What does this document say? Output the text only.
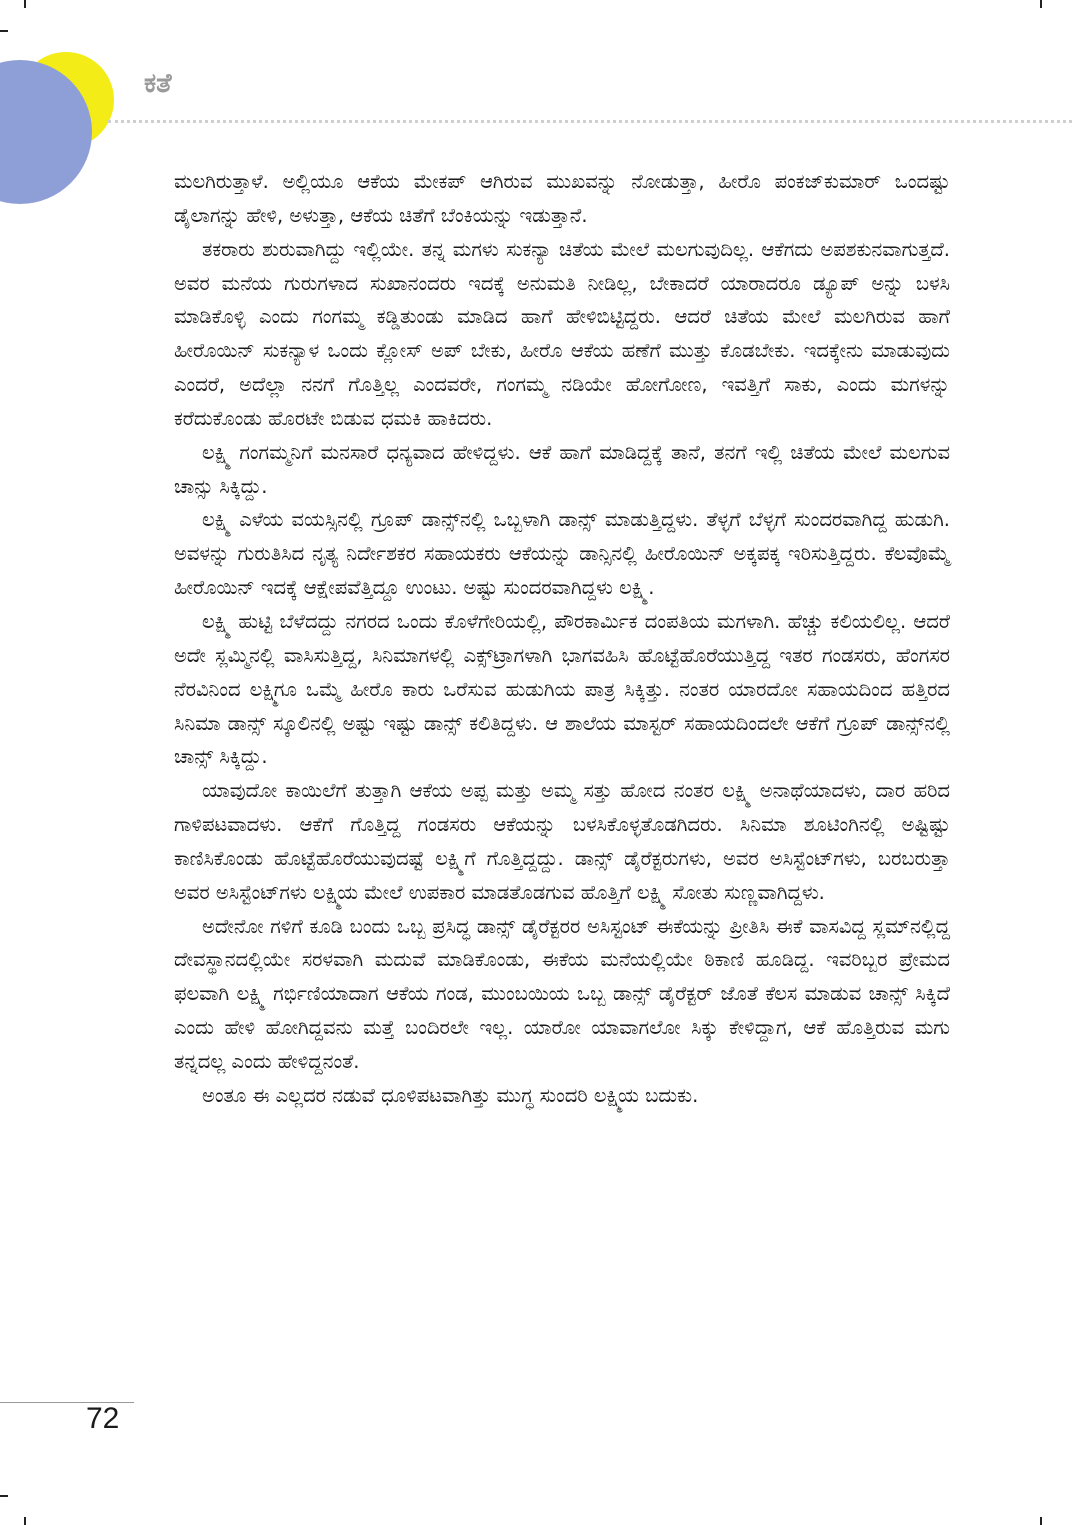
ಕತೆ

ಮಲಗಿರುತ್ತಾಳೆ. ಅಲ್ಲಿಯೂ ಆಕೆಯ ಮೇಕಪ್ ಆಗಿರುವ ಮುಖವನ್ನು ನೋಡುತ್ತಾ, ಹೀರೊ ಪಂಕಜ್‌ಕುಮಾರ್ ಒಂದಷ್ಟು ಡೈಲಾಗನ್ನು ಹೇಳಿ, ಅಳುತ್ತಾ, ಆಕೆಯ ಚಿತೆಗೆ ಬೆಂಕಿಯನ್ನು ಇಡುತ್ತಾನೆ.

ತಕರಾರು ಶುರುವಾಗಿದ್ದು ಇಲ್ಲಿಯೇ. ತನ್ನ ಮಗಳು ಸುಕನ್ಯಾ ಚಿತೆಯ ಮೇಲೆ ಮಲಗುವುದಿಲ್ಲ. ಆಕೆಗದು ಅಪಶಕುನವಾಗುತ್ತದೆ. ಅವರ ಮನೆಯ ಗುರುಗಳಾದ ಸುಖಾನಂದರು ಇದಕ್ಕೆ ಅನುಮತಿ ನೀಡಿಲ್ಲ, ಬೇಕಾದರೆ ಯಾರಾದರೂ ಡ್ಯೂಪ್ ಅನ್ನು ಬಳಸಿ ಮಾಡಿಕೊಳ್ಳಿ ಎಂದು ಗಂಗಮ್ಮ ಕಡ್ಡಿತುಂಡು ಮಾಡಿದ ಹಾಗೆ ಹೇಳಿಬಿಟ್ಟಿದ್ದರು. ಆದರೆ ಚಿತೆಯ ಮೇಲೆ ಮಲಗಿರುವ ಹಾಗೆ ಹೀರೊಯಿನ್ ಸುಕನ್ಯಾಳ ಒಂದು ಕ್ಲೋಸ್ ಅಪ್ ಬೇಕು, ಹೀರೊ ಆಕೆಯ ಹಣೆಗೆ ಮುತ್ತು ಕೊಡಬೇಕು. ಇದಕ್ಕೇನು ಮಾಡುವುದು ಎಂದರೆ, ಅದೆಲ್ಲಾ ನನಗೆ ಗೊತ್ತಿಲ್ಲ ಎಂದವರೇ, ಗಂಗಮ್ಮ ನಡಿಯೇ ಹೋಗೋಣ, ಇವತ್ತಿಗೆ ಸಾಕು, ಎಂದು ಮಗಳನ್ನು ಕರೆದುಕೊಂಡು ಹೊರಟೇ ಬಿಡುವ ಧಮಕಿ ಹಾಕಿದರು.

ಲಕ್ಷ್ಮಿ ಗಂಗಮ್ಮನಿಗೆ ಮನಸಾರೆ ಧನ್ಯವಾದ ಹೇಳಿದ್ದಳು. ಆಕೆ ಹಾಗೆ ಮಾಡಿದ್ದಕ್ಕೆ ತಾನೆ, ತನಗೆ ಇಲ್ಲಿ ಚಿತೆಯ ಮೇಲೆ ಮಲಗುವ ಚಾನ್ಸು ಸಿಕ್ಕಿದ್ದು.

ಲಕ್ಷ್ಮಿ ಎಳೆಯ ವಯಸ್ಸಿನಲ್ಲಿ ಗ್ರೂಪ್ ಡಾನ್ಸ್‌ನಲ್ಲಿ ಒಬ್ಬಳಾಗಿ ಡಾನ್ಸ್ ಮಾಡುತ್ತಿದ್ದಳು. ತೆಳ್ಳಗೆ ಬೆಳ್ಳಗೆ ಸುಂದರವಾಗಿದ್ದ ಹುಡುಗಿ. ಅವಳನ್ನು ಗುರುತಿಸಿದ ನೃತ್ಯ ನಿರ್ದೇಶಕರ ಸಹಾಯಕರು ಆಕೆಯನ್ನು ಡಾನ್ಸಿನಲ್ಲಿ ಹೀರೊಯಿನ್ ಅಕ್ಕಪಕ್ಕ ಇರಿಸುತ್ತಿದ್ದರು. ಕೆಲವೊಮ್ಮೆ ಹೀರೊಯಿನ್ ಇದಕ್ಕೆ ಆಕ್ಷೇಪವೆತ್ತಿದ್ದೂ ಉಂಟು. ಅಷ್ಟು ಸುಂದರವಾಗಿದ್ದಳು ಲಕ್ಷ್ಮಿ.

ಲಕ್ಷ್ಮಿ ಹುಟ್ಟಿ ಬೆಳೆದದ್ದು ನಗರದ ಒಂದು ಕೊಳೆಗೇರಿಯಲ್ಲಿ, ಪೌರಕಾರ್ಮಿಕ ದಂಪತಿಯ ಮಗಳಾಗಿ. ಹೆಚ್ಚು ಕಲಿಯಲಿಲ್ಲ. ಆದರೆ ಅದೇ ಸ್ಲಮ್ಮಿನಲ್ಲಿ ವಾಸಿಸುತ್ತಿದ್ದ, ಸಿನಿಮಾಗಳಲ್ಲಿ ಎಕ್ಸ್‌ಟ್ರಾಗಳಾಗಿ ಭಾಗವಹಿಸಿ ಹೊಟ್ಟೆಹೊರೆಯುತ್ತಿದ್ದ ಇತರ ಗಂಡಸರು, ಹೆಂಗಸರ ನೆರವಿನಿಂದ ಲಕ್ಷ್ಮಿಗೂ ಒಮ್ಮೆ ಹೀರೊ ಕಾರು ಒರೆಸುವ ಹುಡುಗಿಯ ಪಾತ್ರ ಸಿಕ್ಕಿತ್ತು. ನಂತರ ಯಾರದೋ ಸಹಾಯದಿಂದ ಹತ್ತಿರದ ಸಿನಿಮಾ ಡಾನ್ಸ್ ಸ್ಕೂಲಿನಲ್ಲಿ ಅಷ್ಟು ಇಷ್ಟು ಡಾನ್ಸ್ ಕಲಿತಿದ್ದಳು. ಆ ಶಾಲೆಯ ಮಾಸ್ಟರ್ ಸಹಾಯದಿಂದಲೇ ಆಕೆಗೆ ಗ್ರೂಪ್ ಡಾನ್ಸ್‌ನಲ್ಲಿ ಚಾನ್ಸ್ ಸಿಕ್ಕಿದ್ದು.

ಯಾವುದೋ ಕಾಯಿಲೆಗೆ ತುತ್ತಾಗಿ ಆಕೆಯ ಅಪ್ಪ ಮತ್ತು ಅಮ್ಮ ಸತ್ತು ಹೋದ ನಂತರ ಲಕ್ಷ್ಮಿ ಅನಾಥೆಯಾದಳು, ದಾರ ಹರಿದ ಗಾಳಿಪಟವಾದಳು. ಆಕೆಗೆ ಗೊತ್ತಿದ್ದ ಗಂಡಸರು ಆಕೆಯನ್ನು ಬಳಸಿಕೊಳ್ಳತೊಡಗಿದರು. ಸಿನಿಮಾ ಶೂಟಿಂಗಿನಲ್ಲಿ ಅಷ್ಟಿಷ್ಟು ಕಾಣಿಸಿಕೊಂಡು ಹೊಟ್ಟೆಹೊರೆಯುವುದಷ್ಟೆ ಲಕ್ಷ್ಮಿಗೆ ಗೊತ್ತಿದ್ದದ್ದು. ಡಾನ್ಸ್ ಡೈರೆಕ್ಟರುಗಳು, ಅವರ ಅಸಿಸ್ಟೆಂಟ್‌ಗಳು, ಬರಬರುತ್ತಾ ಅವರ ಅಸಿಸ್ಟೆಂಟ್‌ಗಳು ಲಕ್ಷ್ಮಿಯ ಮೇಲೆ ಉಪಕಾರ ಮಾಡತೊಡಗುವ ಹೊತ್ತಿಗೆ ಲಕ್ಷ್ಮಿ ಸೋತು ಸುಣ್ಣವಾಗಿದ್ದಳು.

ಅದೇನೋ ಗಳಿಗೆ ಕೂಡಿ ಬಂದು ಒಬ್ಬ ಪ್ರಸಿದ್ಧ ಡಾನ್ಸ್ ಡೈರೆಕ್ಟರರ ಅಸಿಸ್ಟಂಟ್ ಈಕೆಯನ್ನು ಪ್ರೀತಿಸಿ ಈಕೆ ವಾಸವಿದ್ದ ಸ್ಲಮ್‌ನಲ್ಲಿದ್ದ ದೇವಸ್ಥಾನದಲ್ಲಿಯೇ ಸರಳವಾಗಿ ಮದುವೆ ಮಾಡಿಕೊಂಡು, ಈಕೆಯ ಮನೆಯಲ್ಲಿಯೇ ಠಿಕಾಣಿ ಹೂಡಿದ್ದ. ಇವರಿಬ್ಬರ ಪ್ರೇಮದ ಫಲವಾಗಿ ಲಕ್ಷ್ಮಿ ಗರ್ಭಿಣಿಯಾದಾಗ ಆಕೆಯ ಗಂಡ, ಮುಂಬಯಿಯ ಒಬ್ಬ ಡಾನ್ಸ್ ಡೈರೆಕ್ಟರ್ ಜೊತೆ ಕೆಲಸ ಮಾಡುವ ಚಾನ್ಸ್ ಸಿಕ್ಕಿದೆ ಎಂದು ಹೇಳಿ ಹೋಗಿದ್ದವನು ಮತ್ತೆ ಬಂದಿರಲೇ ಇಲ್ಲ. ಯಾರೋ ಯಾವಾಗಲೋ ಸಿಕ್ಕು ಕೇಳಿದ್ದಾಗ, ಆಕೆ ಹೊತ್ತಿರುವ ಮಗು ತನ್ನದಲ್ಲ ಎಂದು ಹೇಳಿದ್ದನಂತೆ.

ಅಂತೂ ಈ ಎಲ್ಲದರ ನಡುವೆ ಧೂಳಿಪಟವಾಗಿತ್ತು ಮುಗ್ಧ ಸುಂದರಿ ಲಕ್ಷ್ಮಿಯ ಬದುಕು.

72
